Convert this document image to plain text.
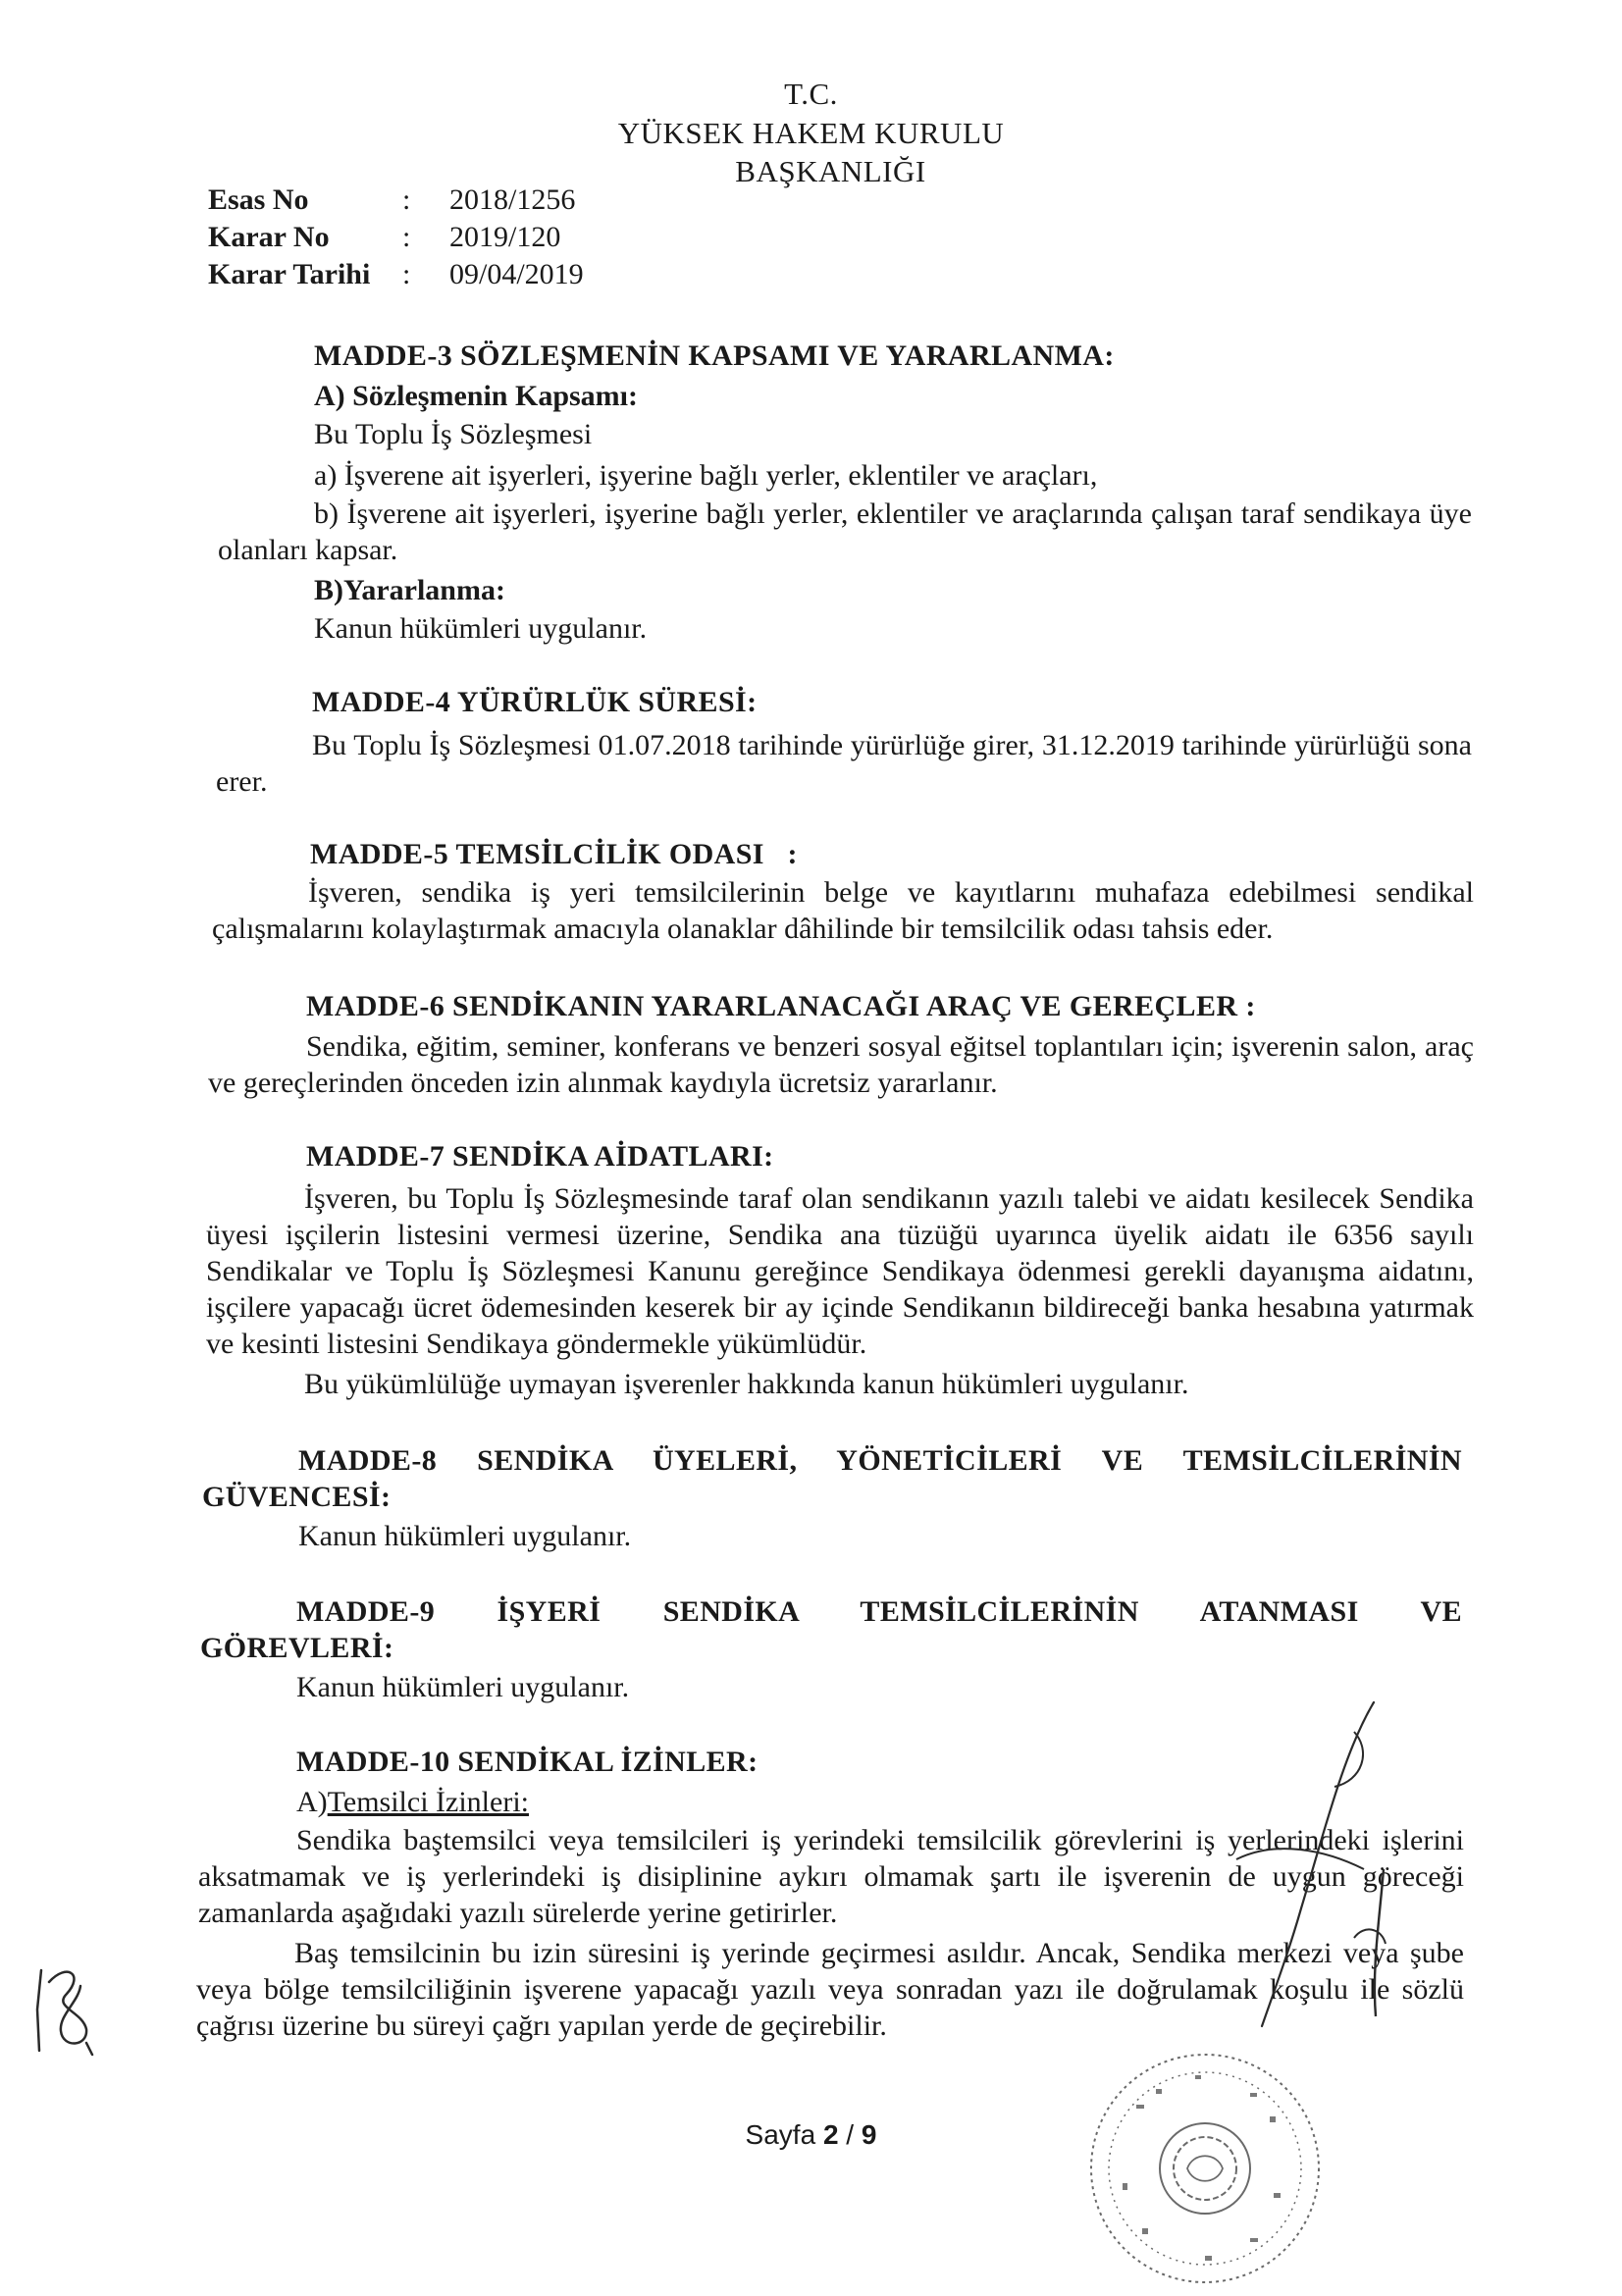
T.C.
YÜKSEK HAKEM KURULU
BAŞKANLIĞI
Esas No	:	2018/1256
Karar No	:	2019/120
Karar Tarihi	:	09/04/2019
MADDE-3 SÖZLEŞMENİN KAPSAMI VE YARARLANMA:
A) Sözleşmenin Kapsamı:
Bu Toplu İş Sözleşmesi
a) İşverene ait işyerleri, işyerine bağlı yerler, eklentiler ve araçları,
b) İşverene ait işyerleri, işyerine bağlı yerler, eklentiler ve araçlarında çalışan taraf sendikaya üye olanları kapsar.
B)Yararlanma:
Kanun hükümleri uygulanır.
MADDE-4 YÜRÜRLÜK SÜRESİ:
Bu Toplu İş Sözleşmesi 01.07.2018 tarihinde yürürlüğe girer, 31.12.2019 tarihinde yürürlüğü sona erer.
MADDE-5 TEMSİLCİLİK ODASI   :
İşveren, sendika iş yeri temsilcilerinin belge ve kayıtlarını muhafaza edebilmesi sendikal çalışmalarını kolaylaştırmak amacıyla olanaklar dâhilinde bir temsilcilik odası tahsis eder.
MADDE-6 SENDİKANIN YARARLANACAĞI ARAÇ VE GEREÇLER :
Sendika, eğitim, seminer, konferans ve benzeri sosyal eğitsel toplantıları için; işverenin salon, araç ve gereçlerinden önceden izin alınmak kaydıyla ücretsiz yararlanır.
MADDE-7 SENDİKA AİDATLARI:
İşveren, bu Toplu İş Sözleşmesinde taraf olan sendikanın yazılı talebi ve aidatı kesilecek Sendika üyesi işçilerin listesini vermesi üzerine, Sendika ana tüzüğü uyarınca üyelik aidatı ile 6356 sayılı Sendikalar ve Toplu İş Sözleşmesi Kanunu gereğince Sendikaya ödenmesi gerekli dayanışma aidatını, işçilere yapacağı ücret ödemesinden keserek bir ay içinde Sendikanın bildireceği banka hesabına yatırmak ve kesinti listesini Sendikaya göndermekle yükümlüdür.
Bu yükümlülüğe uymayan işverenler hakkında kanun hükümleri uygulanır.
MADDE-8 SENDİKA ÜYELERİ, YÖNETİCİLERİ VE TEMSİLCİLERİNİN GÜVENCESİ:
Kanun hükümleri uygulanır.
MADDE-9 İŞYERİ SENDİKA TEMSİLCİLERİNİN ATANMASI VE GÖREVLERİ:
Kanun hükümleri uygulanır.
MADDE-10 SENDİKAL İZİNLER:
A)Temsilci İzinleri:
Sendika baştemsilci veya temsilcileri iş yerindeki temsilcilik görevlerini iş yerlerindeki işlerini aksatmamak ve iş yerlerindeki iş disiplinine aykırı olmamak şartı ile işverenin de uygun göreceği zamanlarda aşağıdaki yazılı sürelerde yerine getirirler.
Baş temsilcinin bu izin süresini iş yerinde geçirmesi asıldır. Ancak, Sendika merkezi veya şube veya bölge temsilciliğinin işverene yapacağı yazılı veya sonradan yazı ile doğrulamak koşulu ile sözlü çağrısı üzerine bu süreyi çağrı yapılan yerde de geçirebilir.
Sayfa 2 / 9
